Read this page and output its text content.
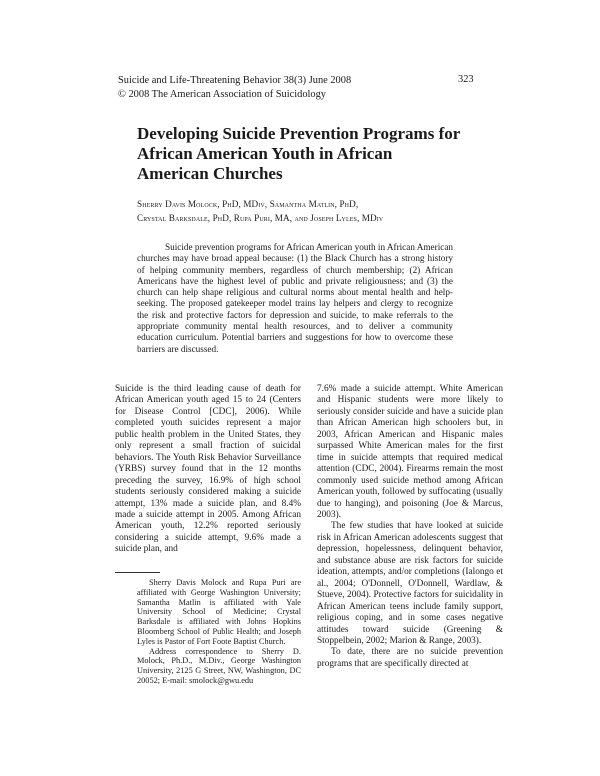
Suicide and Life-Threatening Behavior 38(3) June 2008
© 2008 The American Association of Suicidology
323
Developing Suicide Prevention Programs for African American Youth in African American Churches
Sherry Davis Molock, PhD, MDiv, Samantha Matlin, PhD,
Crystal Barksdale, PhD, Rupa Puri, MA, and Joseph Lyles, MDiv

Suicide prevention programs for African American youth in African American churches may have broad appeal because: (1) the Black Church has a strong history of helping community members, regardless of church membership; (2) African Americans have the highest level of public and private religiousness; and (3) the church can help shape religious and cultural norms about mental health and help-seeking. The proposed gatekeeper model trains lay helpers and clergy to recognize the risk and protective factors for depression and suicide, to make referrals to the appropriate community mental health resources, and to deliver a community education curriculum. Potential barriers and suggestions for how to overcome these barriers are discussed.

Suicide is the third leading cause of death for African American youth aged 15 to 24 (Centers for Disease Control [CDC], 2006). While completed youth suicides represent a major public health problem in the United States, they only represent a small fraction of suicidal behaviors. The Youth Risk Behavior Surveillance (YRBS) survey found that in the 12 months preceding the survey, 16.9% of high school students seriously considered making a suicide attempt, 13% made a suicide plan, and 8.4% made a suicide attempt in 2005. Among African American youth, 12.2% reported seriously considering a suicide attempt, 9.6% made a suicide plan, and

7.6% made a suicide attempt. White American and Hispanic students were more likely to seriously consider suicide and have a suicide plan than African American high schoolers but, in 2003, African American and Hispanic males surpassed White American males for the first time in suicide attempts that required medical attention (CDC, 2004). Firearms remain the most commonly used suicide method among African American youth, followed by suffocating (usually due to hanging), and poisoning (Joe & Marcus, 2003).

The few studies that have looked at suicide risk in African American adolescents suggest that depression, hopelessness, delinquent behavior, and substance abuse are risk factors for suicide ideation, attempts, and/or completions (Ialongo et al., 2004; O'Donnell, O'Donnell, Wardlaw, & Stueve, 2004). Protective factors for suicidality in African American teens include family support, religious coping, and in some cases negative attitudes toward suicide (Greening & Stoppelbein, 2002; Marion & Range, 2003).

To date, there are no suicide prevention programs that are specifically directed at

Sherry Davis Molock and Rupa Puri are affiliated with George Washington University; Samantha Matlin is affiliated with Yale University School of Medicine; Crystal Barksdale is affiliated with Johns Hopkins Bloomberg School of Public Health; and Joseph Lyles is Pastor of Fort Foote Baptist Church.

Address correspondence to Sherry D. Molock, Ph.D., M.Div., George Washington University, 2125 G Street, NW, Washington, DC 20052; E-mail: smolock@gwu.edu
